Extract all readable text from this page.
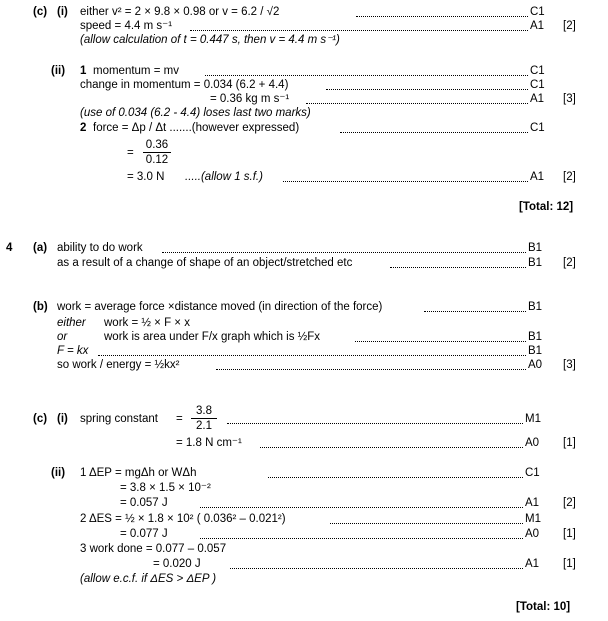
(c) (i) either v² = 2 × 9.8 × 0.98 or v = 6.2 / √2	C1
speed = 4.4 m s⁻¹	A1 [2]
(allow calculation of t = 0.447 s, then v = 4.4 m s⁻¹)
(ii) 1 momentum = mv	C1
change in momentum = 0.034 (6.2 + 4.4)	C1
= 0.36 kg m s⁻¹	A1 [3]
(use of 0.034 (6.2 - 4.4) loses last two marks)
2 force = Δp / Δt .......(however expressed)	C1
= $\frac{0.36}{0.12}$
= 3.0 N .....(allow 1 s.f.)	A1 [2]
[Total: 12]
4 (a) ability to do work	B1
as a result of a change of shape of an object/stretched etc	B1 [2]
(b) work = average force ×distance moved (in direction of the force)	B1
either work = ½ × F × x
or	work is area under F/x graph which is ½Fx	B1
F = kx	B1
so work / energy = ½kx²	A0 [3]
(c) (i) spring constant = $\frac{3.8}{2.1}$	M1
= 1.8 N cm⁻¹	A0 [1]
(ii) 1 ΔEP = mgΔh or WΔh	C1
= 3.8 × 1.5 × 10⁻²
= 0.057 J	A1 [2]
2 ΔES = ½ × 1.8 × 10² ( 0.036² – 0.021²)	M1
= 0.077 J	A0 [1]
3 work done = 0.077 – 0.057
= 0.020 J	A1 [1]
(allow e.c.f. if ΔES > ΔEP )
[Total: 10]
